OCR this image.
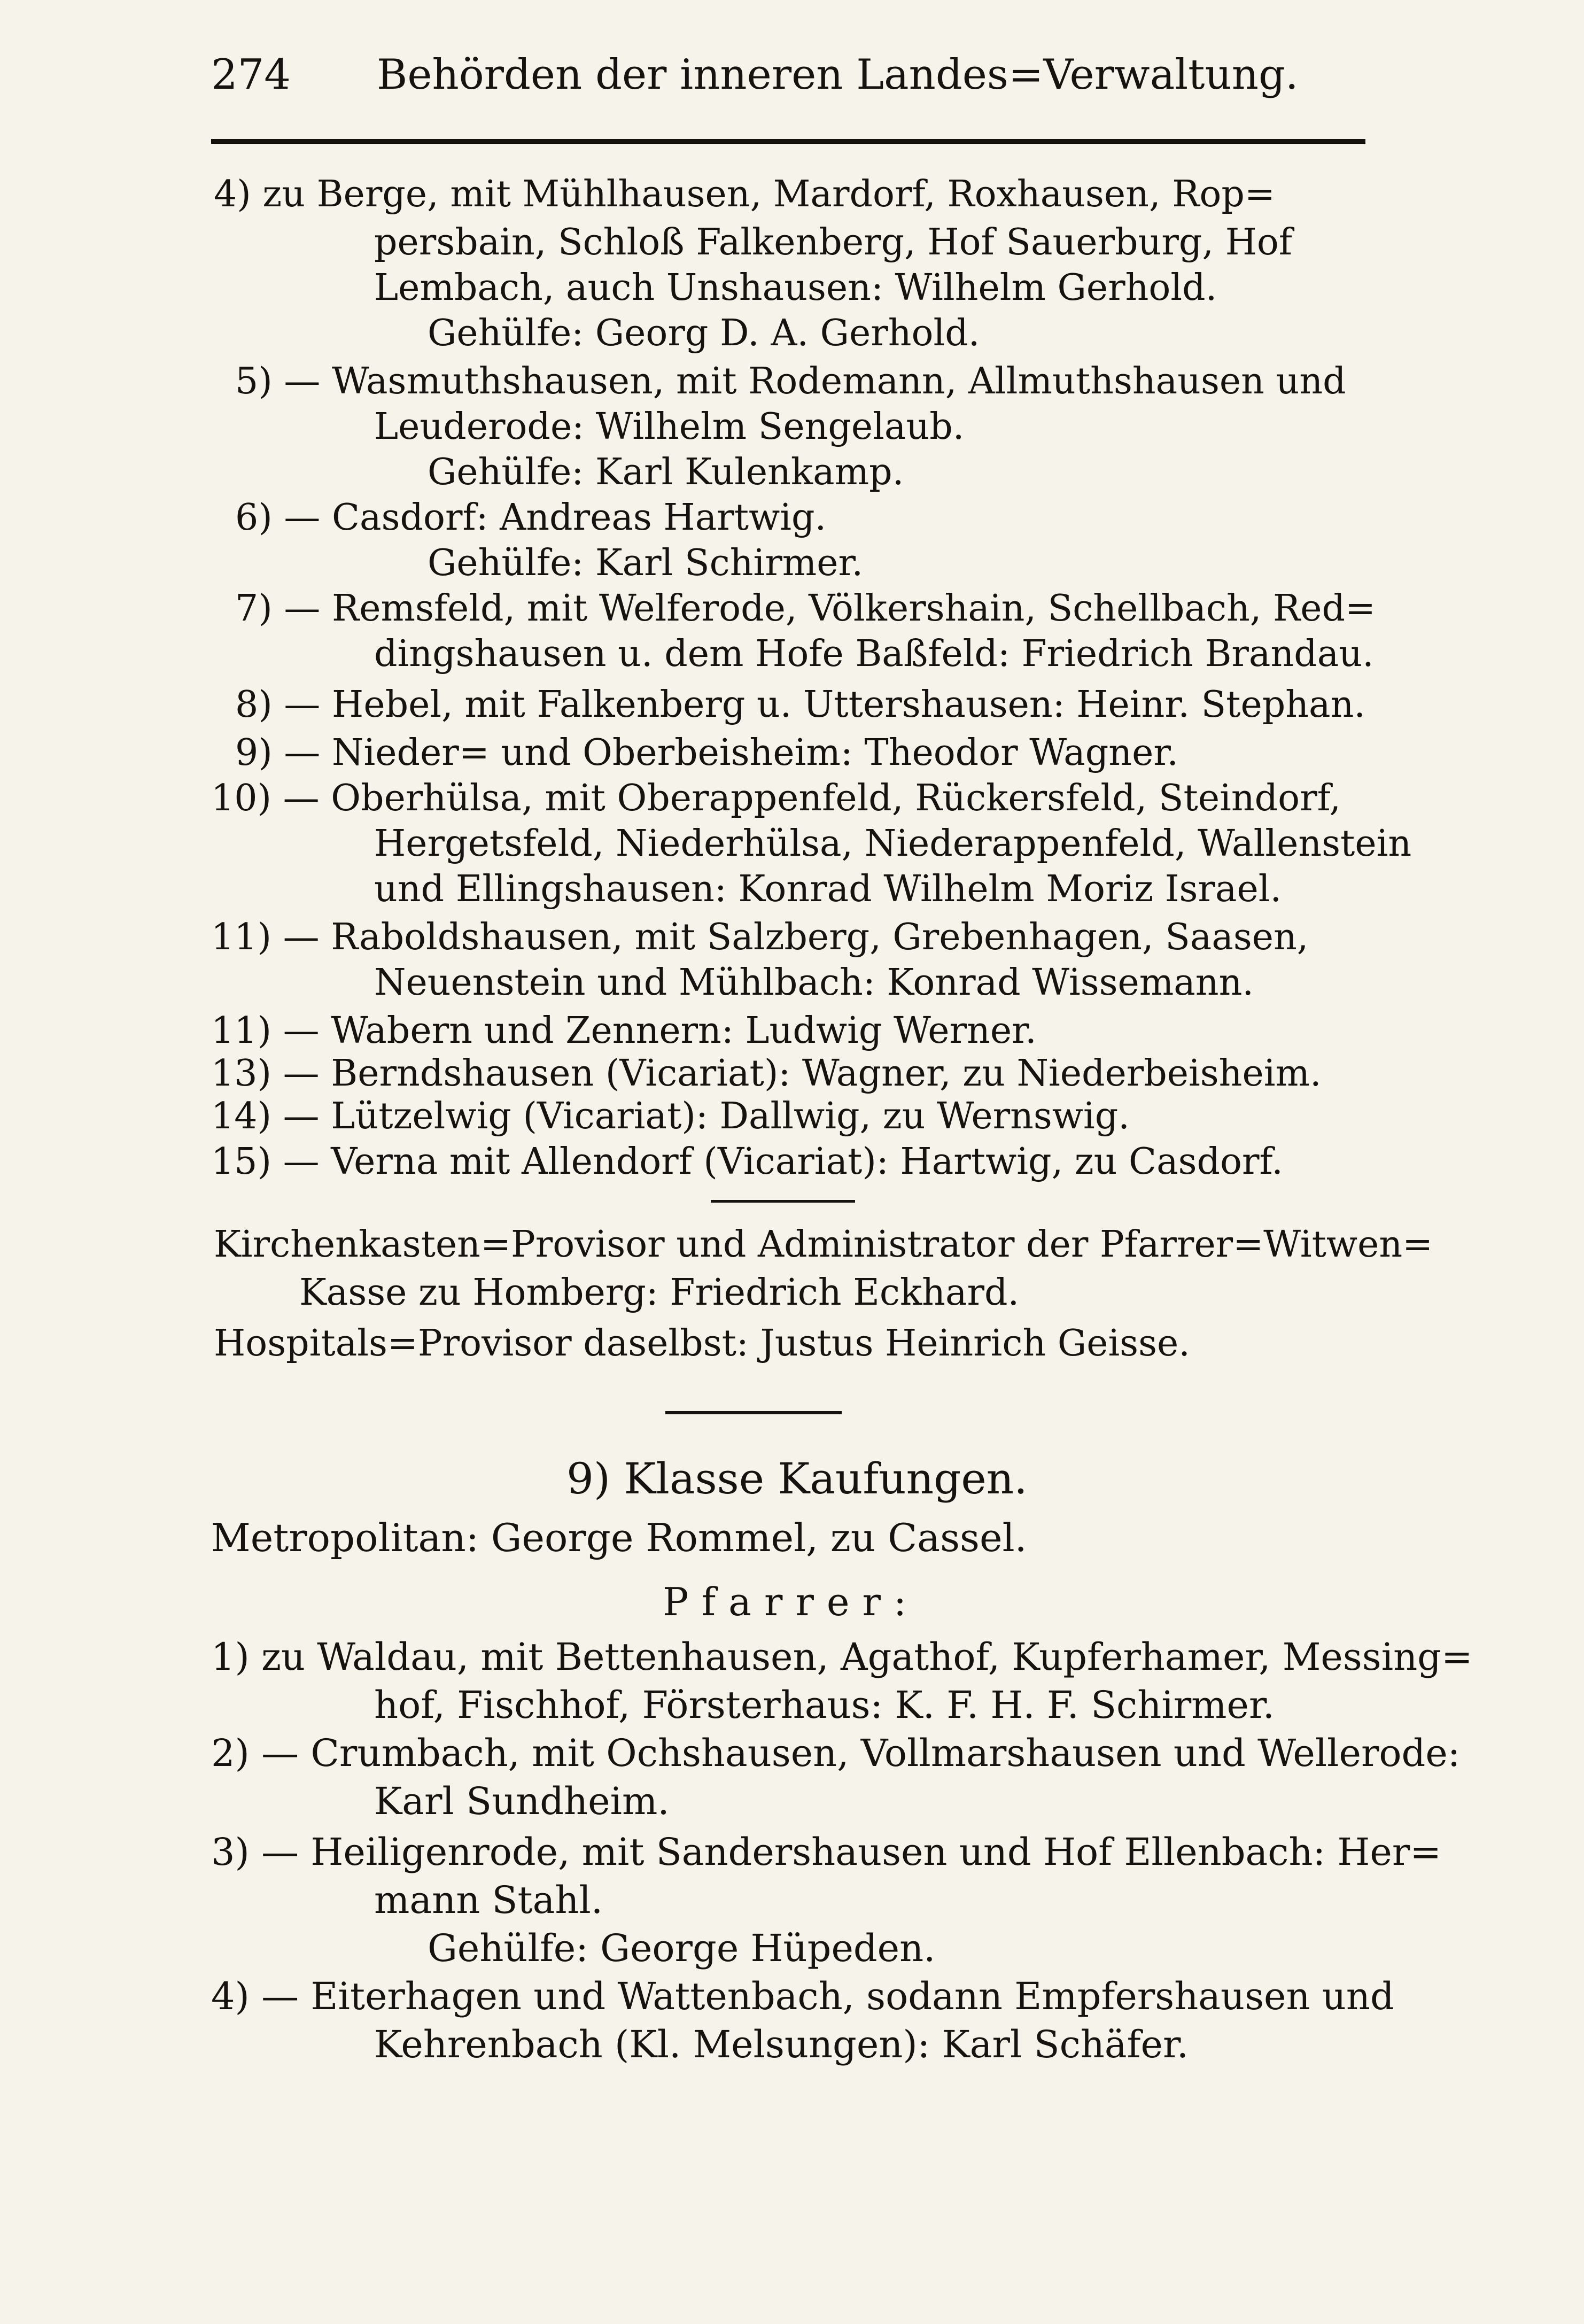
274 Behörden der inneren Landes=Verwaltung.
4) zu Berge, mit Mühlhausen, Mardorf, Roxhausen, Rop=
persbain, Schloß Falkenberg, Hof Sauerburg, Hof
Lembach, auch Unshausen: Wilhelm Gerhold.
Gehülfe: Georg D. A. Gerhold.
5) — Wasmuthshausen, mit Rodemann, Allmuthshausen und
Leuderode: Wilhelm Sengelaub.
Gehülfe: Karl Kulenkamp.
6) — Casdorf: Andreas Hartwig.
Gehülfe: Karl Schirmer.
7) — Remsfeld, mit Welferode, Völkershain, Schellbach, Red=
dingshausen u. dem Hofe Baßfeld: Friedrich Brandau.
8) — Hebel, mit Falkenberg u. Uttershausen: Heinr. Stephan.
9) — Nieder= und Oberbeisheim: Theodor Wagner.
10) — Oberhülsa, mit Oberappenfeld, Rückersfeld, Steindorf,
Hergetsfeld, Niederhülsa, Niederappenfeld, Wallenstein
und Ellingshausen: Konrad Wilhelm Moriz Israel.
11) — Raboldshausen, mit Salzberg, Grebenhagen, Saasen,
Neuenstein und Mühlbach: Konrad Wissemann.
11) — Wabern und Zennern: Ludwig Werner.
13) — Berndshausen (Vicariat): Wagner, zu Niederbeisheim.
14) — Lützelwig (Vicariat): Dallwig, zu Wernswig.
15) — Verna mit Allendorf (Vicariat): Hartwig, zu Casdorf.
Kirchenkasten=Provisor und Administrator der Pfarrer=Witwen=
Kasse zu Homberg: Friedrich Eckhard.
Hospitals=Provisor daselbst: Justus Heinrich Geisse.
9) Klasse Kaufungen.
Metropolitan: George Rommel, zu Cassel.
Pfarrer:
1) zu Waldau, mit Bettenhausen, Agathof, Kupferhamer, Messing=
hof, Fischhof, Försterhaus: K. F. H. F. Schirmer.
2) — Crumbach, mit Ochshausen, Vollmarshausen und Wellerode:
Karl Sundheim.
3) — Heiligenrode, mit Sandershausen und Hof Ellenbach: Her=
mann Stahl.
Gehülfe: George Hüpeden.
4) — Eiterhagen und Wattenbach, sodann Empfershausen und
Kehrenbach (Kl. Melsungen): Karl Schäfer.
